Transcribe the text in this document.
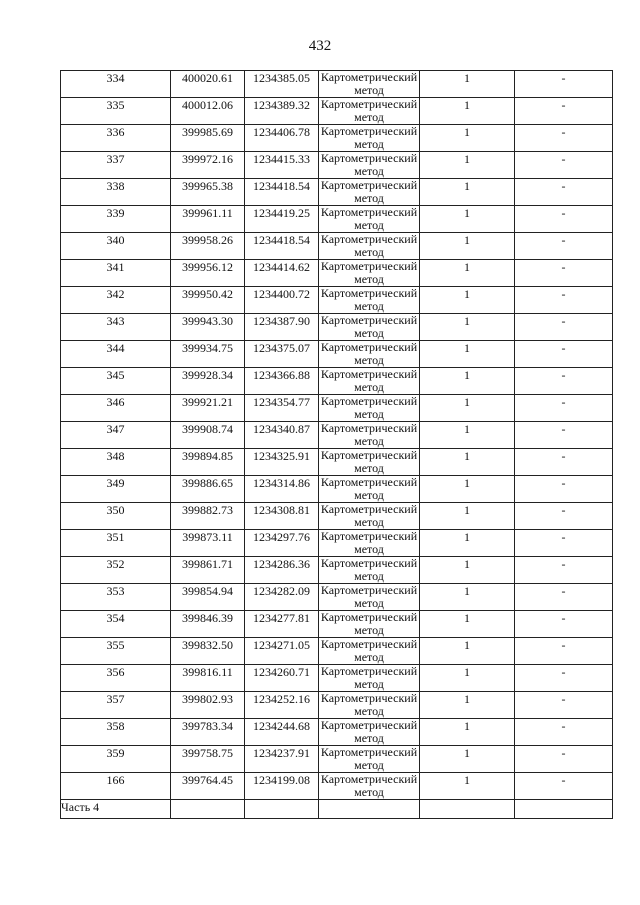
432
334	400020.61	1234385.05	Картометрический метод	1	-
335	400012.06	1234389.32	Картометрический метод	1	-
336	399985.69	1234406.78	Картометрический метод	1	-
337	399972.16	1234415.33	Картометрический метод	1	-
338	399965.38	1234418.54	Картометрический метод	1	-
339	399961.11	1234419.25	Картометрический метод	1	-
340	399958.26	1234418.54	Картометрический метод	1	-
341	399956.12	1234414.62	Картометрический метод	1	-
342	399950.42	1234400.72	Картометрический метод	1	-
343	399943.30	1234387.90	Картометрический метод	1	-
344	399934.75	1234375.07	Картометрический метод	1	-
345	399928.34	1234366.88	Картометрический метод	1	-
346	399921.21	1234354.77	Картометрический метод	1	-
347	399908.74	1234340.87	Картометрический метод	1	-
348	399894.85	1234325.91	Картометрический метод	1	-
349	399886.65	1234314.86	Картометрический метод	1	-
350	399882.73	1234308.81	Картометрический метод	1	-
351	399873.11	1234297.76	Картометрический метод	1	-
352	399861.71	1234286.36	Картометрический метод	1	-
353	399854.94	1234282.09	Картометрический метод	1	-
354	399846.39	1234277.81	Картометрический метод	1	-
355	399832.50	1234271.05	Картометрический метод	1	-
356	399816.11	1234260.71	Картометрический метод	1	-
357	399802.93	1234252.16	Картометрический метод	1	-
358	399783.34	1234244.68	Картометрический метод	1	-
359	399758.75	1234237.91	Картометрический метод	1	-
166	399764.45	1234199.08	Картометрический метод	1	-
Часть 4					
